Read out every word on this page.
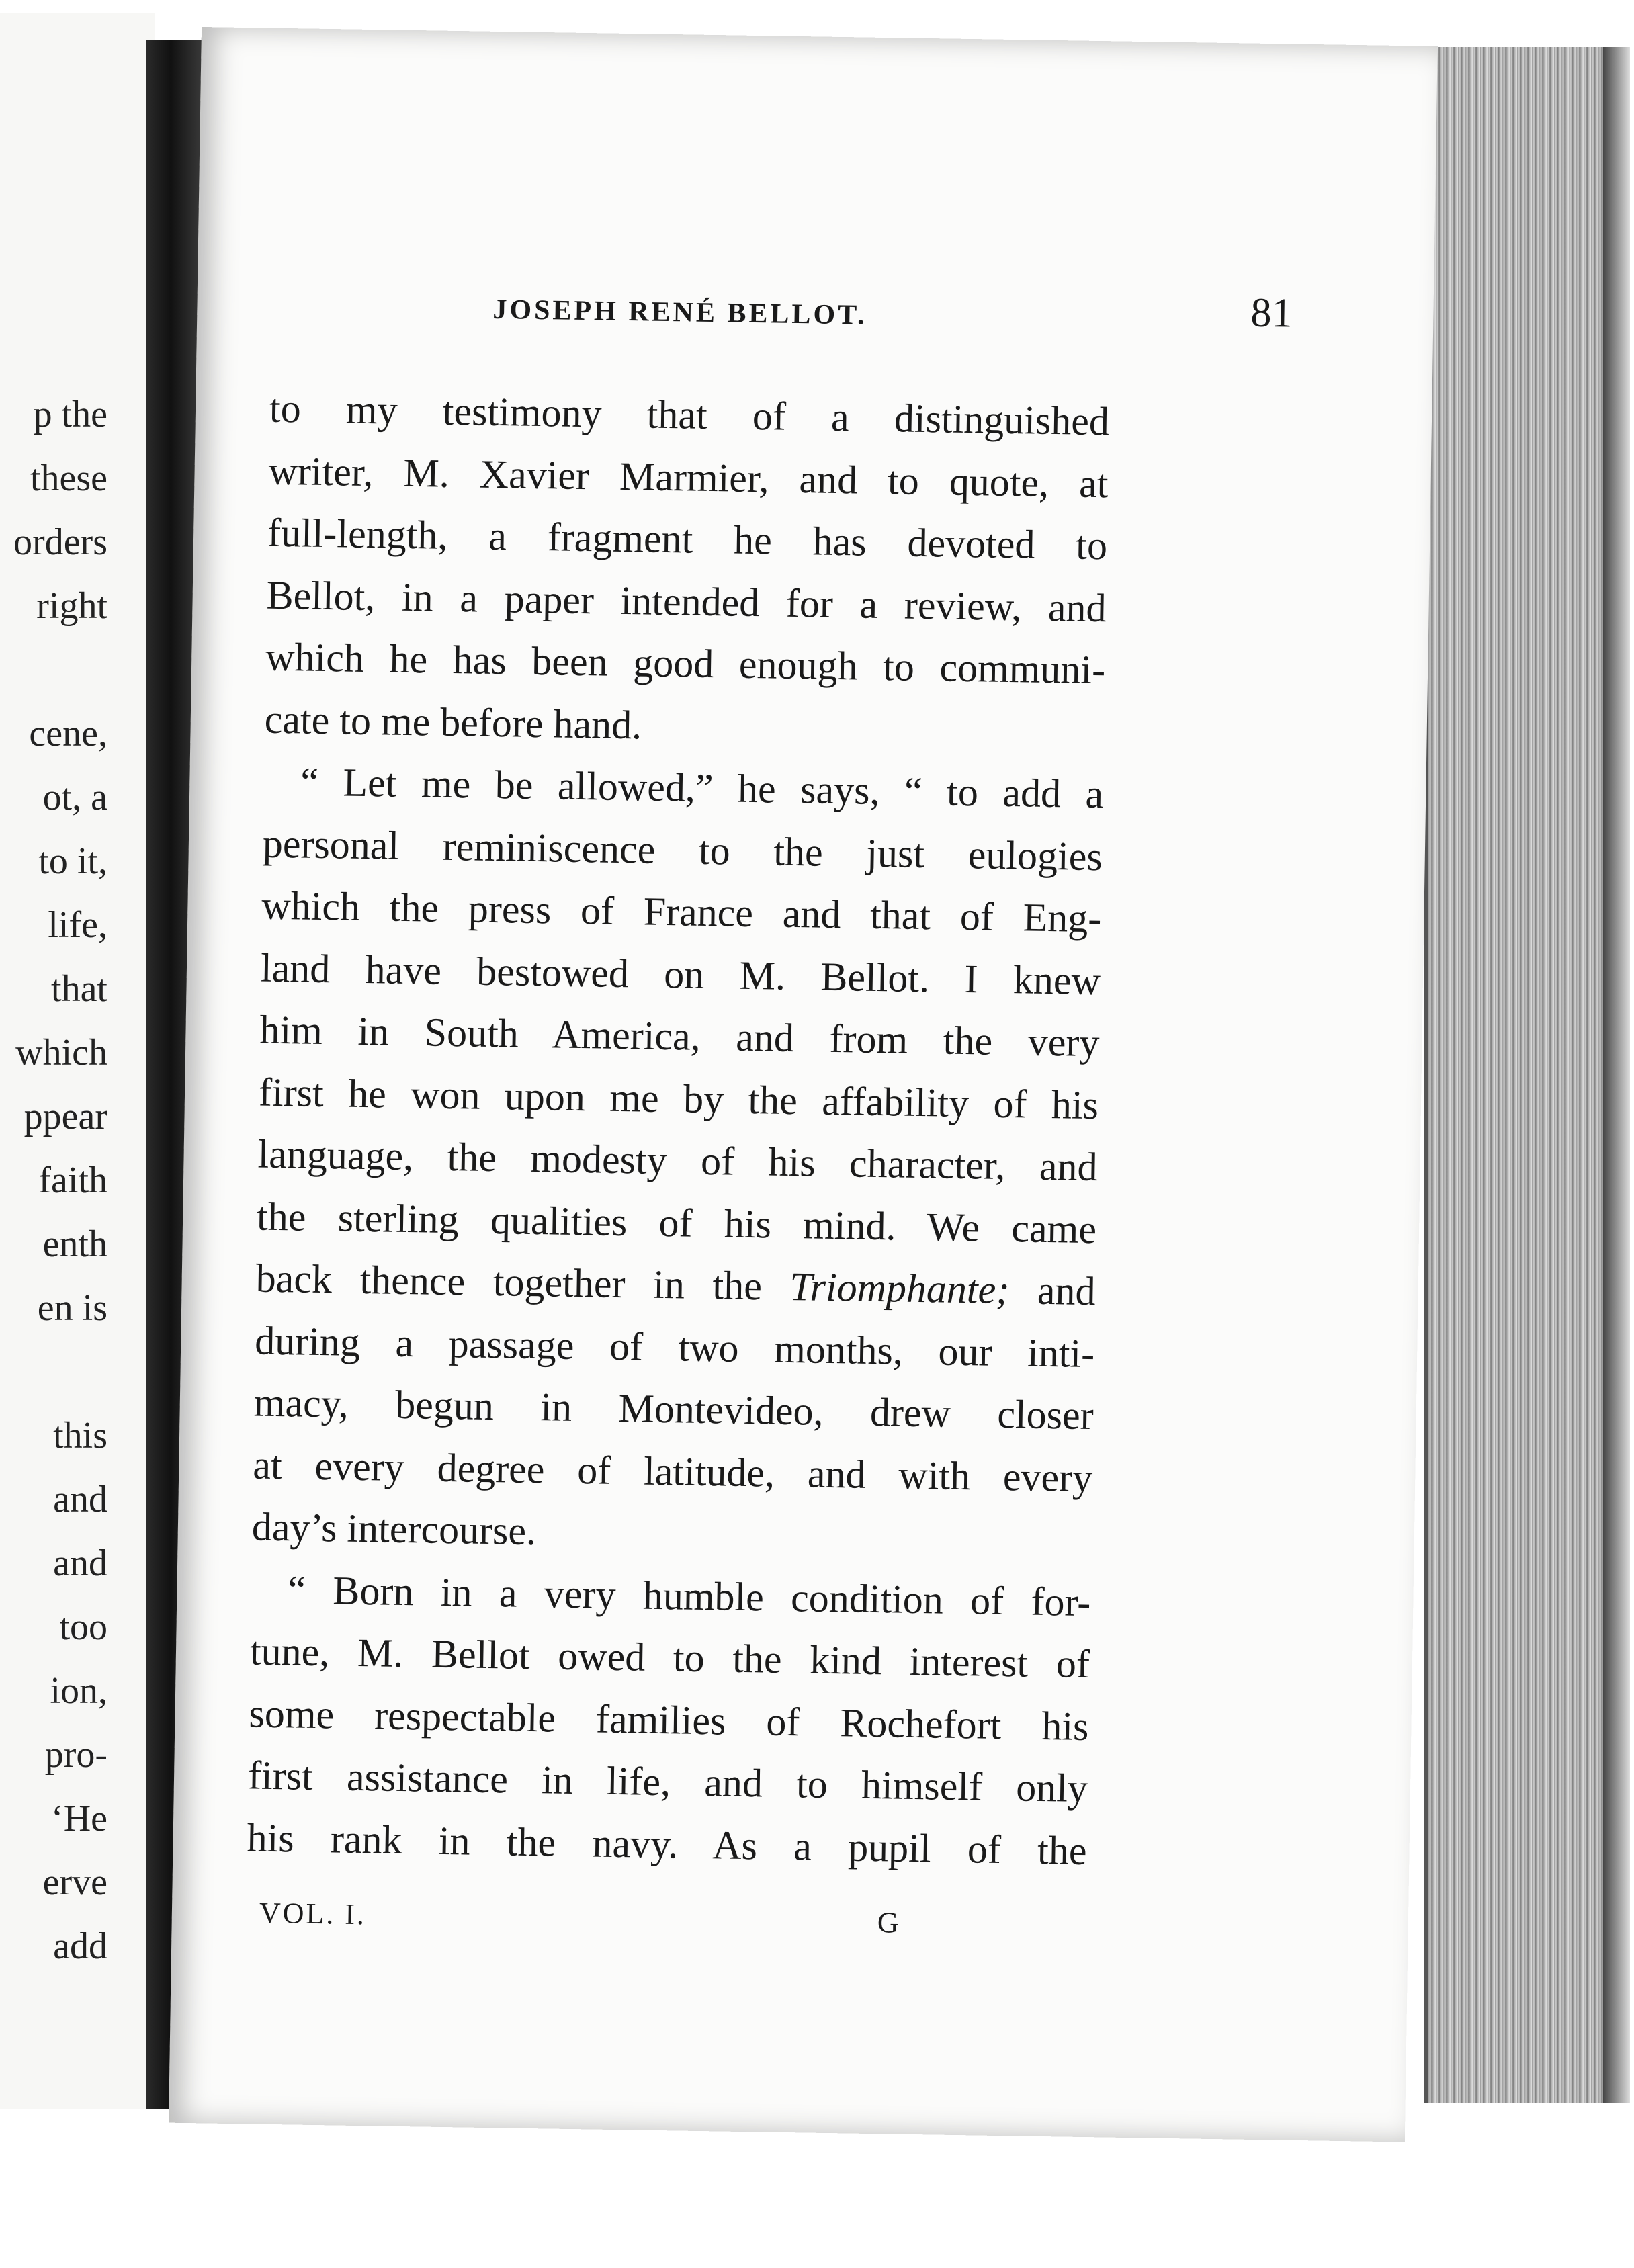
p the
these
orders
right
cene,
ot, a
to it,
life,
that
which
ppear
faith
enth
en is
this
and
and
too
ion,
pro-
‘He
erve
add
JOSEPH RENÉ BELLOT.	81
to my testimony that of a distinguished
writer, M. Xavier Marmier, and to quote, at
full-length, a fragment he has devoted to
Bellot, in a paper intended for a review, and
which he has been good enough to communi-
cate to me before hand.
“ Let me be allowed,” he says, “ to add a
personal reminiscence to the just eulogies
which the press of France and that of Eng-
land have bestowed on M. Bellot. I knew
him in South America, and from the very
first he won upon me by the affability of his
language, the modesty of his character, and
the sterling qualities of his mind. We came
back thence together in the Triomphante; and
during a passage of two months, our inti-
macy, begun in Montevideo, drew closer
at every degree of latitude, and with every
day’s intercourse.
“ Born in a very humble condition of for-
tune, M. Bellot owed to the kind interest of
some respectable families of Rochefort his
first assistance in life, and to himself only
his rank in the navy. As a pupil of the
VOL. I.	G
